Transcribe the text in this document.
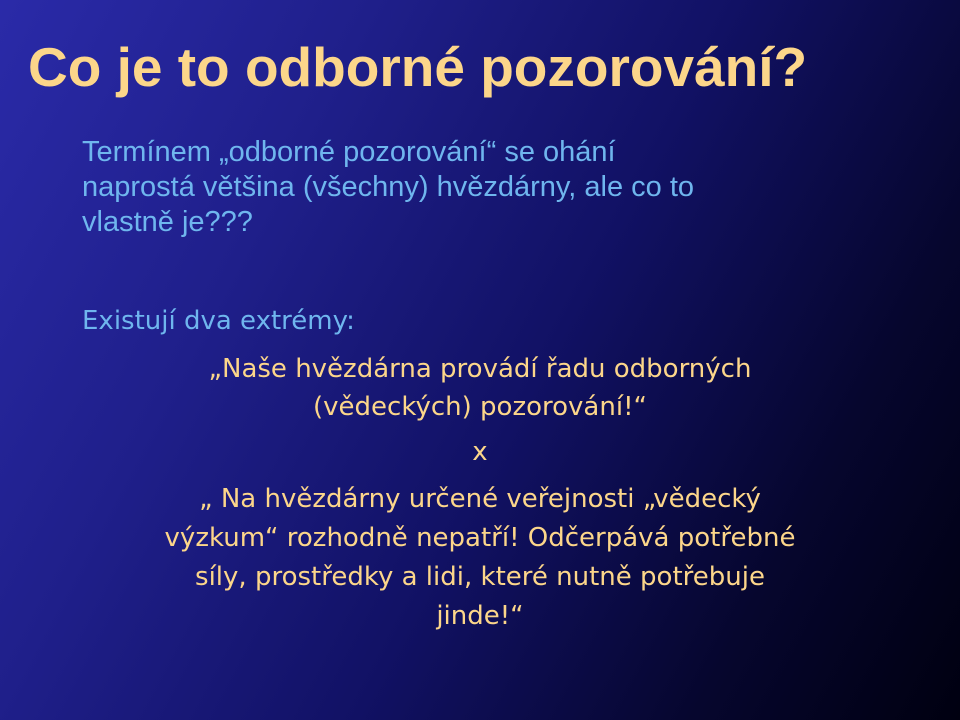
Co je to odborné pozorování?

Termínem „odborné pozorování“ se ohání
naprostá většina (všechny) hvězdárny, ale co to
vlastně je???

Existují dva extrémy:

„Naše hvězdárna provádí řadu odborných
(vědeckých) pozorování!“

x

„ Na hvězdárny určené veřejnosti „vědecký
výzkum“ rozhodně nepatří! Odčerpává potřebné
síly, prostředky a lidi, které nutně potřebuje
jinde!“
